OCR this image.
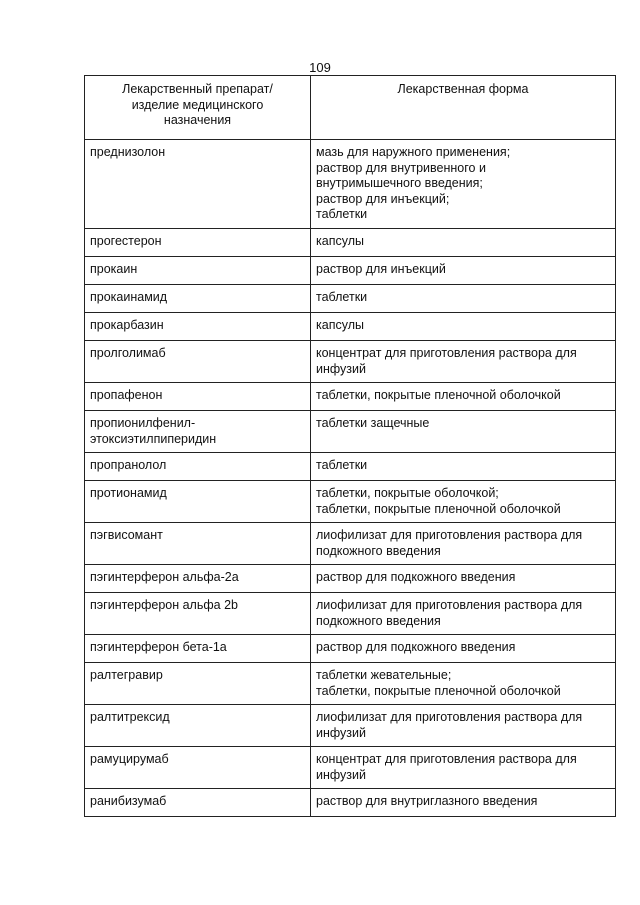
109
Лекарственный препарат/
изделие медицинского
назначения	Лекарственная форма
преднизолон	мазь для наружного применения;
раствор для внутривенного и
внутримышечного введения;
раствор для инъекций;
таблетки
прогестерон	капсулы
прокаин	раствор для инъекций
прокаинамид	таблетки
прокарбазин	капсулы
пролголимаб	концентрат для приготовления раствора для
инфузий
пропафенон	таблетки, покрытые пленочной оболочкой
пропионилфенил-
этоксиэтилпиперидин	таблетки защечные
пропранолол	таблетки
протионамид	таблетки, покрытые оболочкой;
таблетки, покрытые пленочной оболочкой
пэгвисомант	лиофилизат для приготовления раствора для
подкожного введения
пэгинтерферон альфа-2а	раствор для подкожного введения
пэгинтерферон альфа 2b	лиофилизат для приготовления раствора для
подкожного введения
пэгинтерферон бета-1а	раствор для подкожного введения
ралтегравир	таблетки жевательные;
таблетки, покрытые пленочной оболочкой
ралтитрексид	лиофилизат для приготовления раствора для
инфузий
рамуцирумаб	концентрат для приготовления раствора для
инфузий
ранибизумаб	раствор для внутриглазного введения
